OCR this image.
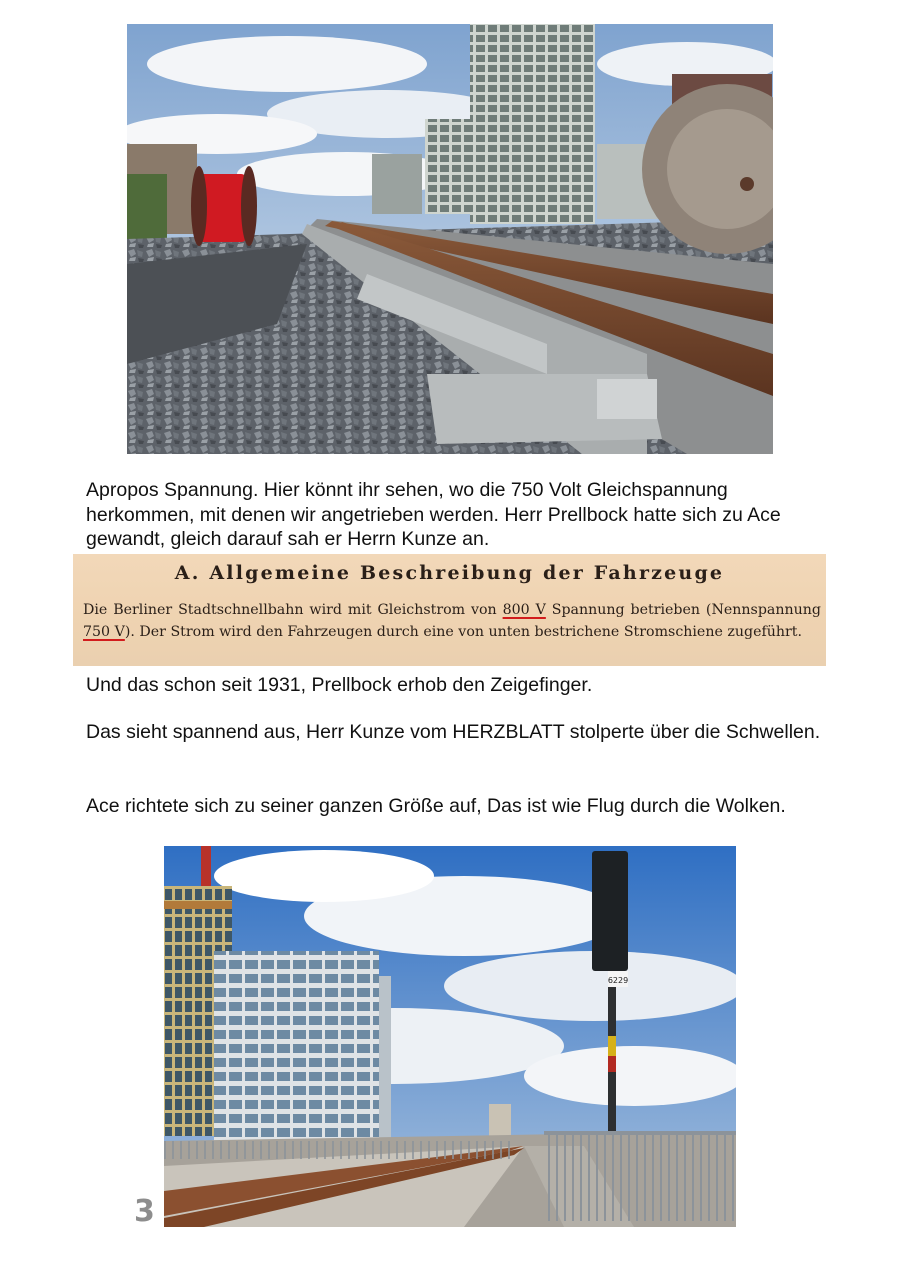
Apropos Spannung. Hier könnt ihr sehen, wo die 750 Volt Gleichspannung herkommen, mit denen wir angetrieben werden. Herr Prellbock hatte sich zu Ace gewandt, gleich darauf sah er Herrn Kunze an.

A. Allgemeine Beschreibung der Fahrzeuge
Die Berliner Stadtschnellbahn wird mit Gleichstrom von 800 V Spannung betrieben (Nennspannung 750 V). Der Strom wird den Fahrzeugen durch eine von unten bestrichene Stromschiene zugeführt.

Und das schon seit 1931, Prellbock erhob den Zeigefinger.

Das sieht spannend aus, Herr Kunze vom HERZBLATT stolperte über die Schwellen.

Ace richtete sich zu seiner ganzen Größe auf, Das ist wie Flug durch die Wolken.

6229
3
